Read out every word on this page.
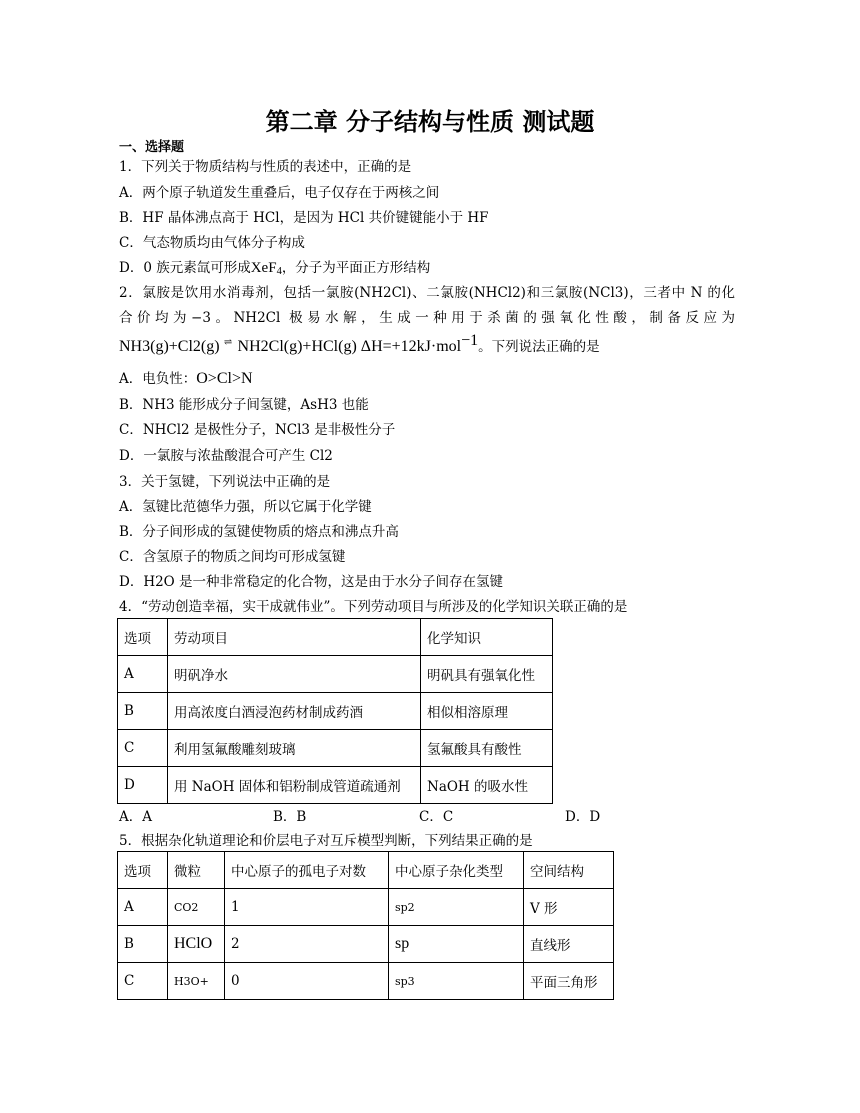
第二章 分子结构与性质 测试题
一、选择题
1．下列关于物质结构与性质的表述中，正确的是
A．两个原子轨道发生重叠后，电子仅存在于两核之间
B．HF 晶体沸点高于 HCl，是因为 HCl 共价键键能小于 HF
C．气态物质均由气体分子构成
D．0 族元素氙可形成XeF$_4$，分子为平面正方形结构
2．氯胺是饮用水消毒剂，包括一氯胺(NH2Cl)、二氯胺(NHCl2)和三氯胺(NCl3)，三者中 N 的化
合价均为−3。NH2Cl 极易水解，生成一种用于杀菌的强氧化性酸，制备反应为
NH3(g)+Cl2(g) ⇌ NH2Cl(g)+HCl(g) ΔH=+12kJ·mol$^{-1}$。下列说法正确的是
A．电负性：O>Cl>N
B．NH3 能形成分子间氢键，AsH3 也能
C．NHCl2 是极性分子，NCl3 是非极性分子
D．一氯胺与浓盐酸混合可产生 Cl2
3．关于氢键，下列说法中正确的是
A．氢键比范德华力强，所以它属于化学键
B．分子间形成的氢键使物质的熔点和沸点升高
C．含氢原子的物质之间均可形成氢键
D．H2O 是一种非常稳定的化合物，这是由于水分子间存在氢键
4．“劳动创造幸福，实干成就伟业”。下列劳动项目与所涉及的化学知识关联正确的是
选项	劳动项目	化学知识
A	明矾净水	明矾具有强氧化性
B	用高浓度白酒浸泡药材制成药酒	相似相溶原理
C	利用氢氟酸雕刻玻璃	氢氟酸具有酸性
D	用 NaOH 固体和铝粉制成管道疏通剂	NaOH 的吸水性
A．A	B．B	C．C	D．D
5．根据杂化轨道理论和价层电子对互斥模型判断，下列结果正确的是
选项	微粒	中心原子的孤电子对数	中心原子杂化类型	空间结构
A	CO2	1	sp2	V 形
B	HClO	2	sp	直线形
C	H3O+	0	sp3	平面三角形
